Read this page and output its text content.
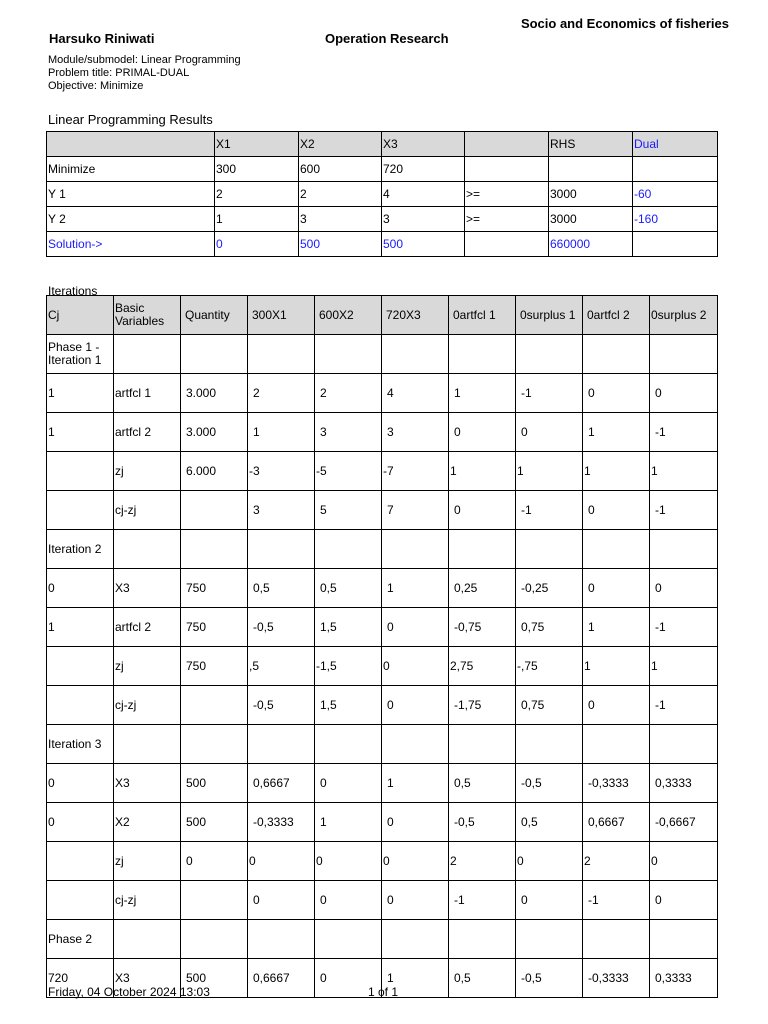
Socio and Economics of fisheries
Harsuko Riniwati	Operation Research
Module/submodel: Linear Programming
Problem title: PRIMAL-DUAL
Objective: Minimize
Linear Programming Results
	X1	X2	X3		RHS	Dual
Minimize	300	600	720			
Y 1	2	2	4	>=	3000	-60
Y 2	1	3	3	>=	3000	-160
Solution->	0	500	500		660000	
Iterations
Cj	Basic Variables	Quantity	300X1	600X2	720X3	0artfcl 1	0surplus 1	0artfcl 2	0surplus 2
Phase 1 - Iteration 1									
1	artfcl 1	3.000	2	2	4	1	-1	0	0
1	artfcl 2	3.000	1	3	3	0	0	1	-1
	zj	6.000	-3	-5	-7	1	1	1	1
	cj-zj		3	5	7	0	-1	0	-1
Iteration 2									
0	X3	750	0,5	0,5	1	0,25	-0,25	0	0
1	artfcl 2	750	-0,5	1,5	0	-0,75	0,75	1	-1
	zj	750	,5	-1,5	0	2,75	-,75	1	1
	cj-zj		-0,5	1,5	0	-1,75	0,75	0	-1
Iteration 3									
0	X3	500	0,6667	0	1	0,5	-0,5	-0,3333	0,3333
0	X2	500	-0,3333	1	0	-0,5	0,5	0,6667	-0,6667
	zj	0	0	0	0	2	0	2	0
	cj-zj		0	0	0	-1	0	-1	0
Phase 2									
720	X3	500	0,6667	0	1	0,5	-0,5	-0,3333	0,3333
Friday, 04 October 2024 13:03	1 of 1
